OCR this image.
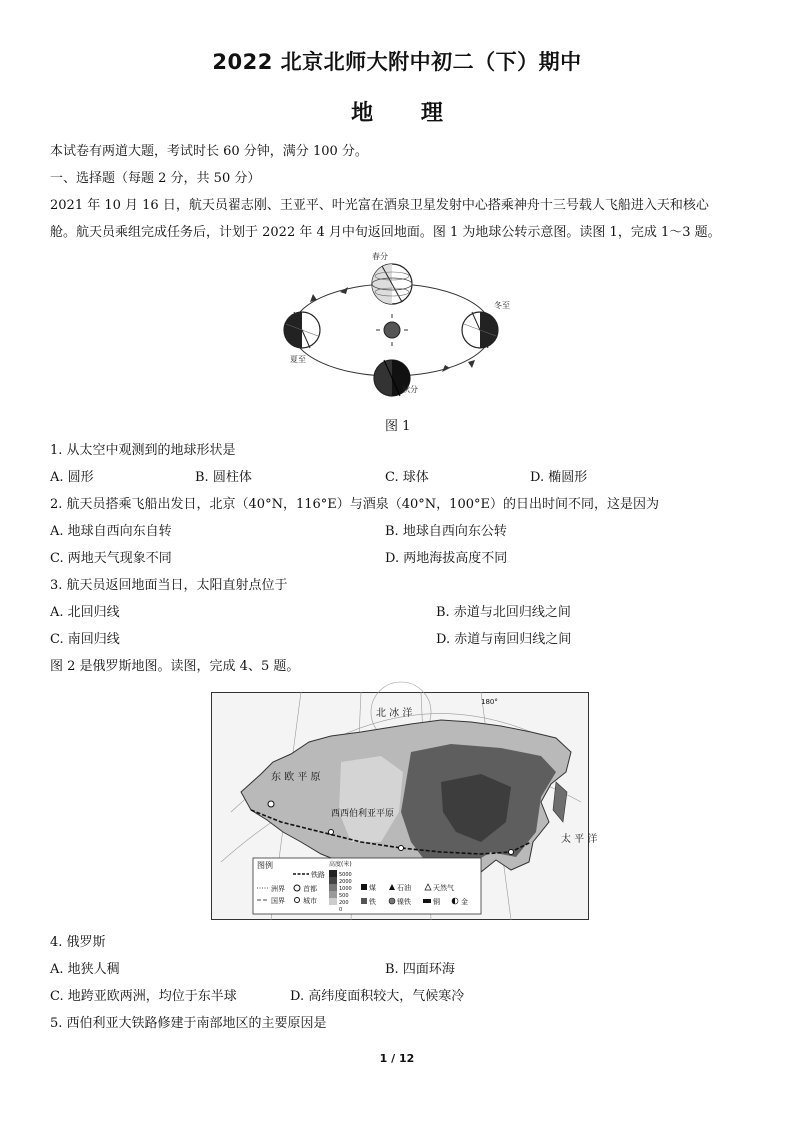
2022 北京北师大附中初二（下）期中
地 理
本试卷有两道大题，考试时长 60 分钟，满分 100 分。
一、选择题（每题 2 分，共 50 分）
2021 年 10 月 16 日，航天员翟志刚、王亚平、叶光富在酒泉卫星发射中心搭乘神舟十三号载人飞船进入天和核心
舱。航天员乘组完成任务后，计划于 2022 年 4 月中旬返回地面。图 1 为地球公转示意图。读图 1，完成 1～3 题。
春分
冬至
夏至
秋分
图 1
1. 从太空中观测到的地球形状是
A. 圆形	B. 圆柱体	C. 球体	D. 椭圆形
2. 航天员搭乘飞船出发日，北京（40°N，116°E）与酒泉（40°N，100°E）的日出时间不同，这是因为
A. 地球自西向东自转	B. 地球自西向东公转
C. 两地天气现象不同	D. 两地海拔高度不同
3. 航天员返回地面当日，太阳直射点位于
A. 北回归线	B. 赤道与北回归线之间
C. 南回归线	D. 赤道与南回归线之间
图 2 是俄罗斯地图。读图，完成 4、5 题。
北 冰 洋
东 欧 平 原
西西伯利亚平原
太 平 洋
180°
图例
铁路
洲界	首都
国界	城市
高度(米)
5000
2000
1000
500
200
0
煤	石油	天然气
铁	镍铁	铜	金
4. 俄罗斯
A. 地狭人稠	B. 四面环海
C. 地跨亚欧两洲，均位于东半球	D. 高纬度面积较大，气候寒冷
5. 西伯利亚大铁路修建于南部地区的主要原因是
1 / 12
